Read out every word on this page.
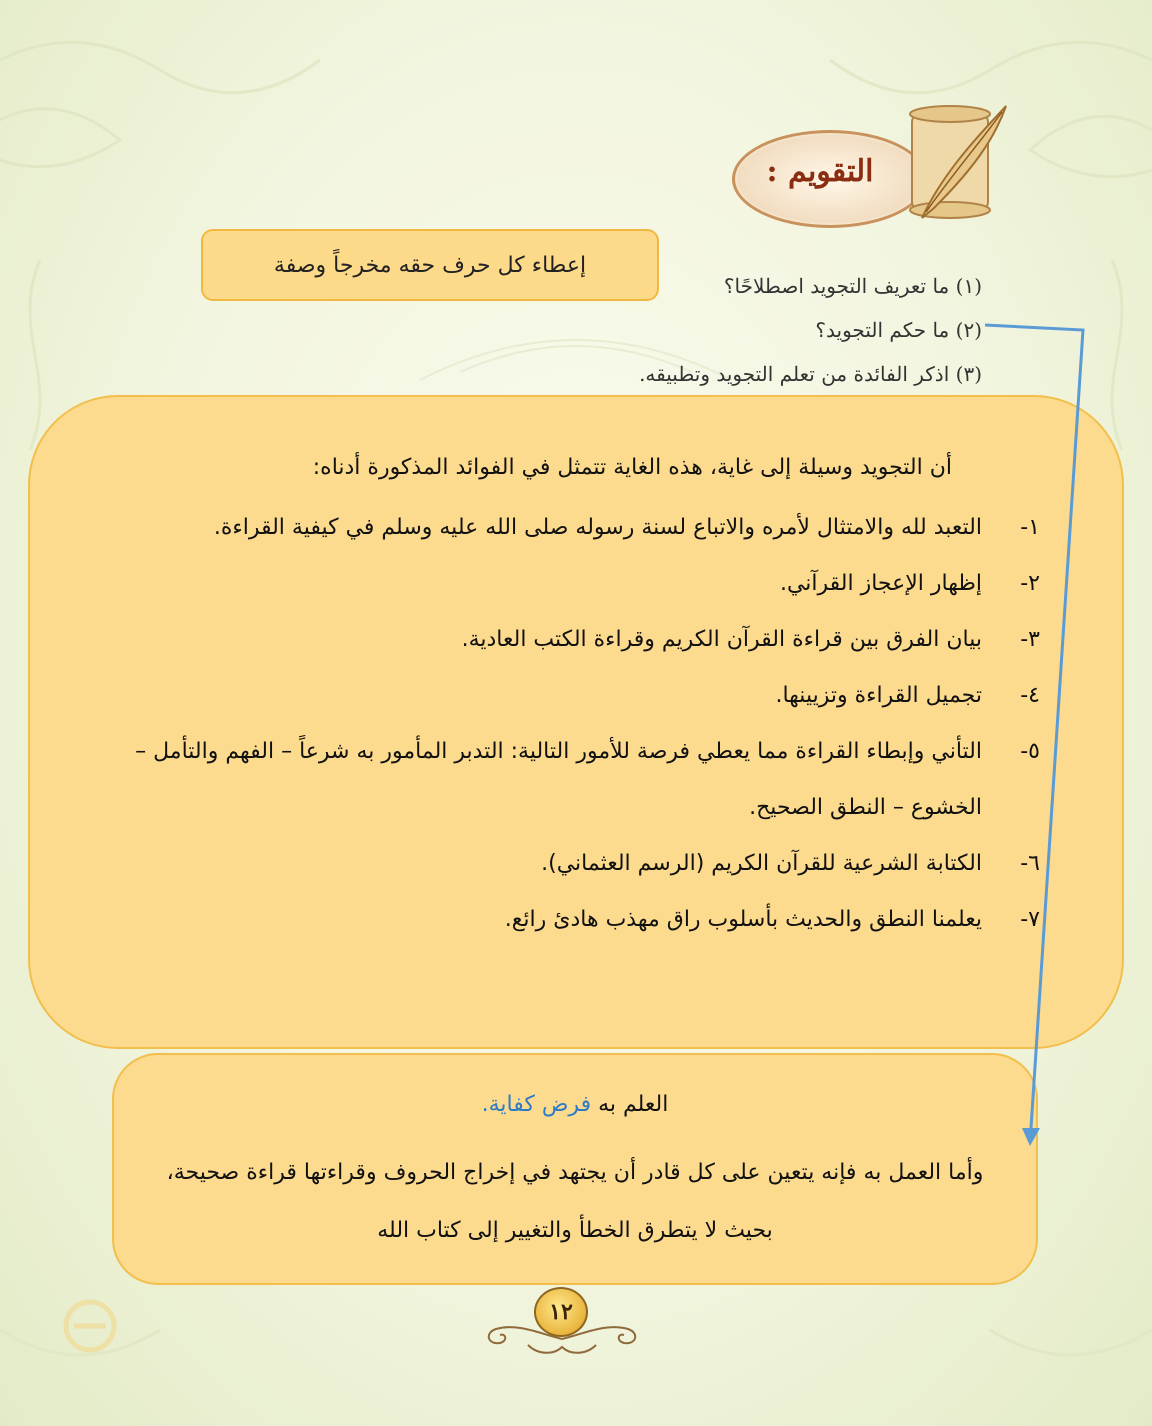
التقويم :
إعطاء كل حرف حقه مخرجاً وصفة
(١) ما تعريف التجويد اصطلاحًا؟
(٢) ما حكم التجويد؟
(٣) اذكر الفائدة من تعلم التجويد وتطبيقه.
أن التجويد وسيلة إلى غاية، هذه الغاية تتمثل في الفوائد المذكورة أدناه:
١-
التعبد لله والامتثال لأمره والاتباع لسنة رسوله صلى الله عليه وسلم في كيفية القراءة.
٢-
إظهار الإعجاز القرآني.
٣-
بيان الفرق بين قراءة القرآن الكريم وقراءة الكتب العادية.
٤-
تجميل القراءة وتزيينها.
٥-
التأني وإبطاء القراءة مما يعطي فرصة للأمور التالية: التدبر المأمور به شرعاً – الفهم والتأمل – الخشوع – النطق الصحيح.
٦-
الكتابة الشرعية للقرآن الكريم (الرسم العثماني).
٧-
يعلمنا النطق والحديث بأسلوب راق مهذب هادئ رائع.
العلم به فرض كفاية.
وأما العمل به فإنه يتعين على كل قادر أن يجتهد في إخراج الحروف وقراءتها قراءة صحيحة، بحيث لا يتطرق الخطأ والتغيير إلى كتاب الله
١٢
